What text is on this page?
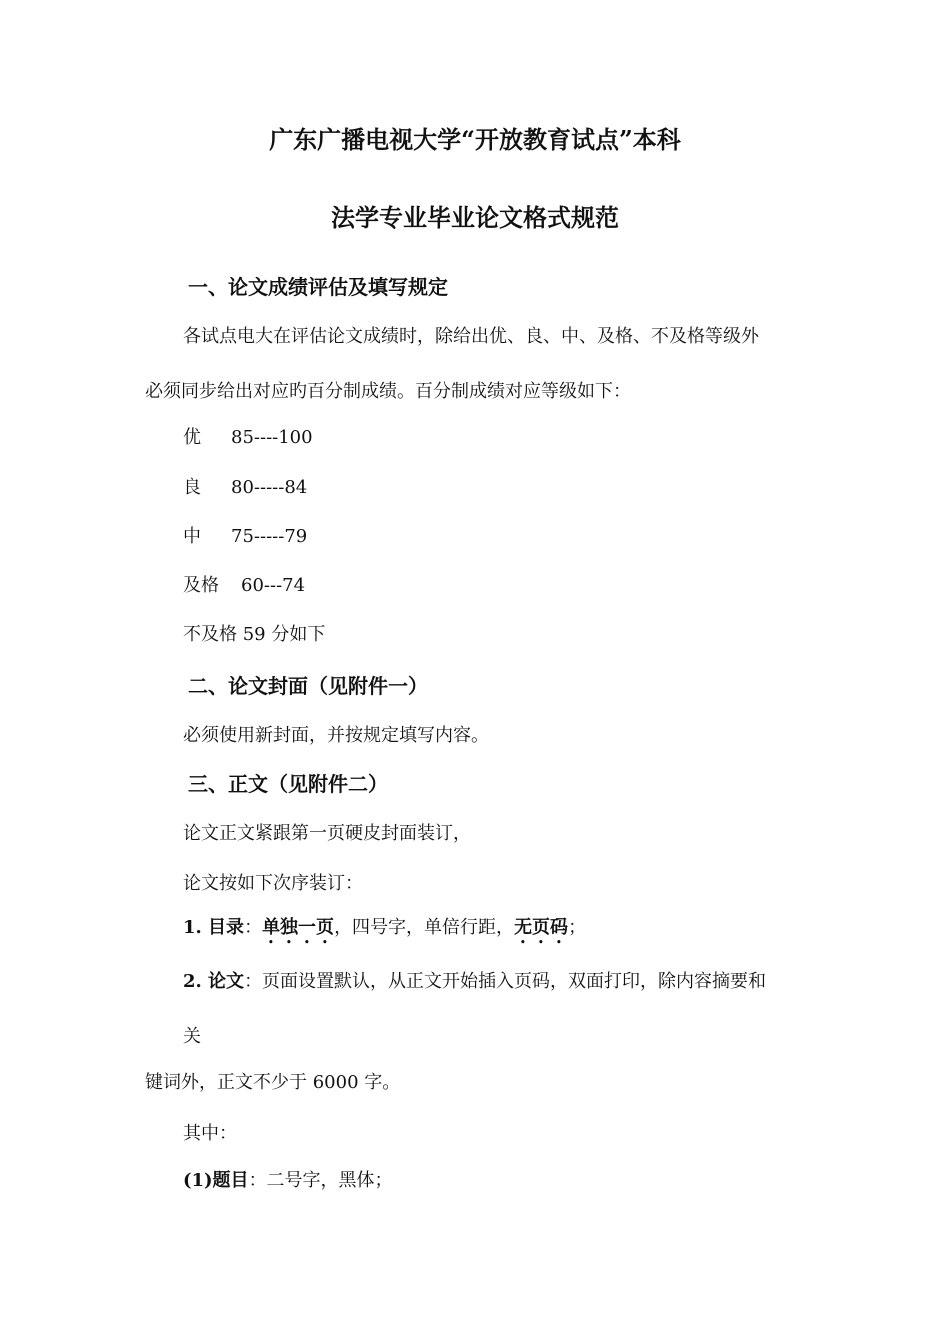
广东广播电视大学“开放教育试点”本科

法学专业毕业论文格式规范

一、论文成绩评估及填写规定

各试点电大在评估论文成绩时，除给出优、良、中、及格、不及格等级外

必须同步给出对应旳百分制成绩。百分制成绩对应等级如下：

优 85----100

良 80-----84

中 75-----79

及格 60---74

不及格 59 分如下

二、论文封面（见附件一）

必须使用新封面，并按规定填写内容。

三、正文（见附件二）

论文正文紧跟第一页硬皮封面装订，

论文按如下次序装订：

1. 目录：单独一页，四号字，单倍行距，无页码；

2. 论文：页面设置默认，从正文开始插入页码，双面打印，除内容摘要和

关

键词外，正文不少于 6000 字。

其中：

(1)题目：二号字，黑体；
